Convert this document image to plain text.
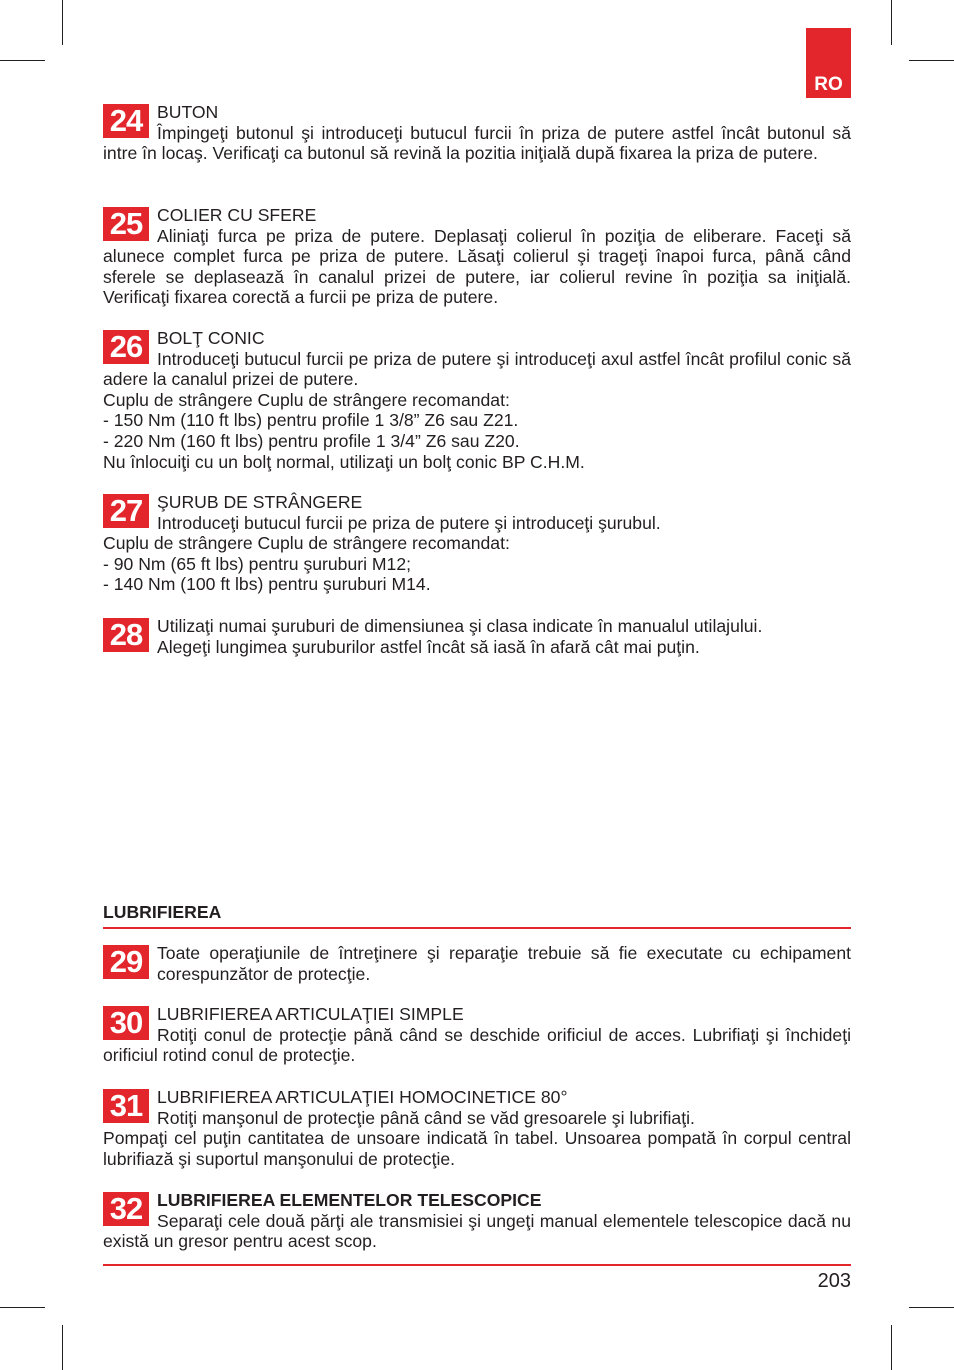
RO
24 BUTON

Împingeţi butonul şi introduceţi butucul furcii în priza de putere astfel încât butonul să intre în locaş. Verificaţi ca butonul să revină la pozitia iniţială după fixarea la priza de putere.

25 COLIER CU SFERE

Aliniaţi furca pe priza de putere. Deplasaţi colierul în poziţia de eliberare. Faceţi să alunece complet furca pe priza de putere. Lăsaţi colierul şi trageţi înapoi furca, până când sferele se deplasează în canalul prizei de putere, iar colierul revine în poziţia sa iniţială. Verificaţi fixarea corectă a furcii pe priza de putere.

26 BOLŢ CONIC

Introduceţi butucul furcii pe priza de putere şi introduceţi axul astfel încât profilul conic să adere la canalul prizei de putere.

Cuplu de strângere Cuplu de strângere recomandat:

- 150 Nm (110 ft lbs) pentru profile 1 3/8” Z6 sau Z21.

- 220 Nm (160 ft lbs) pentru profile 1 3/4” Z6 sau Z20.

Nu înlocuiţi cu un bolţ normal, utilizaţi un bolţ conic BP C.H.M.

27 ŞURUB DE STRÂNGERE

Introduceţi butucul furcii pe priza de putere şi introduceţi şurubul.

Cuplu de strângere Cuplu de strângere recomandat:

- 90 Nm (65 ft lbs) pentru şuruburi M12;

- 140 Nm (100 ft lbs) pentru şuruburi M14.

28 Utilizaţi numai şuruburi de dimensiunea şi clasa indicate în manualul utilajului.

Alegeţi lungimea şuruburilor astfel încât să iasă în afară cât mai puţin.

LUBRIFIEREA
29 Toate operaţiunile de întreţinere şi reparaţie trebuie să fie executate cu echipament corespunzător de protecţie.

30 LUBRIFIEREA ARTICULAŢIEI SIMPLE

Rotiţi conul de protecţie până când se deschide orificiul de acces. Lubrifiaţi şi închideţi orificiul rotind conul de protecţie.

31 LUBRIFIEREA ARTICULAŢIEI HOMOCINETICE 80°

Rotiţi manşonul de protecţie până când se văd gresoarele şi lubrifiaţi.

Pompaţi cel puţin cantitatea de unsoare indicată în tabel. Unsoarea pompată în corpul central lubrifiază şi suportul manşonului de protecţie.

32 LUBRIFIEREA ELEMENTELOR TELESCOPICE

Separaţi cele două părţi ale transmisiei şi ungeţi manual elementele telescopice dacă nu există un gresor pentru acest scop.

203
